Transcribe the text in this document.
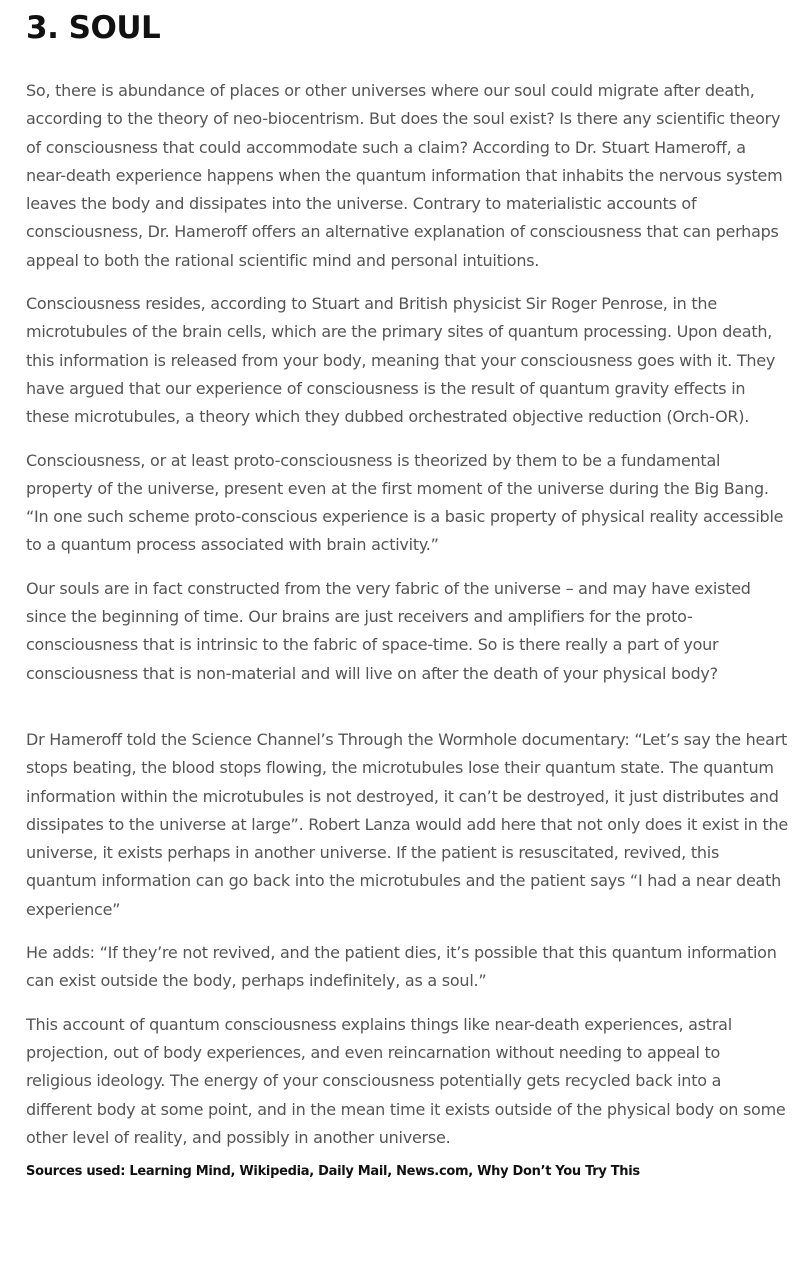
3. SOUL

So, there is abundance of places or other universes where our soul could migrate after death, according to the theory of neo-biocentrism. But does the soul exist? Is there any scientific theory of consciousness that could accommodate such a claim? According to Dr. Stuart Hameroff, a near-death experience happens when the quantum information that inhabits the nervous system leaves the body and dissipates into the universe. Contrary to materialistic accounts of consciousness, Dr. Hameroff offers an alternative explanation of consciousness that can perhaps appeal to both the rational scientific mind and personal intuitions.

Consciousness resides, according to Stuart and British physicist Sir Roger Penrose, in the microtubules of the brain cells, which are the primary sites of quantum processing. Upon death, this information is released from your body, meaning that your consciousness goes with it. They have argued that our experience of consciousness is the result of quantum gravity effects in these microtubules, a theory which they dubbed orchestrated objective reduction (Orch-OR).

Consciousness, or at least proto-consciousness is theorized by them to be a fundamental property of the universe, present even at the first moment of the universe during the Big Bang. “In one such scheme proto-conscious experience is a basic property of physical reality accessible to a quantum process associated with brain activity.”

Our souls are in fact constructed from the very fabric of the universe – and may have existed since the beginning of time. Our brains are just receivers and amplifiers for the proto-consciousness that is intrinsic to the fabric of space-time. So is there really a part of your consciousness that is non-material and will live on after the death of your physical body?

Dr Hameroff told the Science Channel’s Through the Wormhole documentary: “Let’s say the heart stops beating, the blood stops flowing, the microtubules lose their quantum state. The quantum information within the microtubules is not destroyed, it can’t be destroyed, it just distributes and dissipates to the universe at large”. Robert Lanza would add here that not only does it exist in the universe, it exists perhaps in another universe. If the patient is resuscitated, revived, this quantum information can go back into the microtubules and the patient says “I had a near death experience”

He adds: “If they’re not revived, and the patient dies, it’s possible that this quantum information can exist outside the body, perhaps indefinitely, as a soul.”

This account of quantum consciousness explains things like near-death experiences, astral projection, out of body experiences, and even reincarnation without needing to appeal to religious ideology. The energy of your consciousness potentially gets recycled back into a different body at some point, and in the mean time it exists outside of the physical body on some other level of reality, and possibly in another universe.

Sources used: Learning Mind, Wikipedia, Daily Mail, News.com, Why Don’t You Try This
